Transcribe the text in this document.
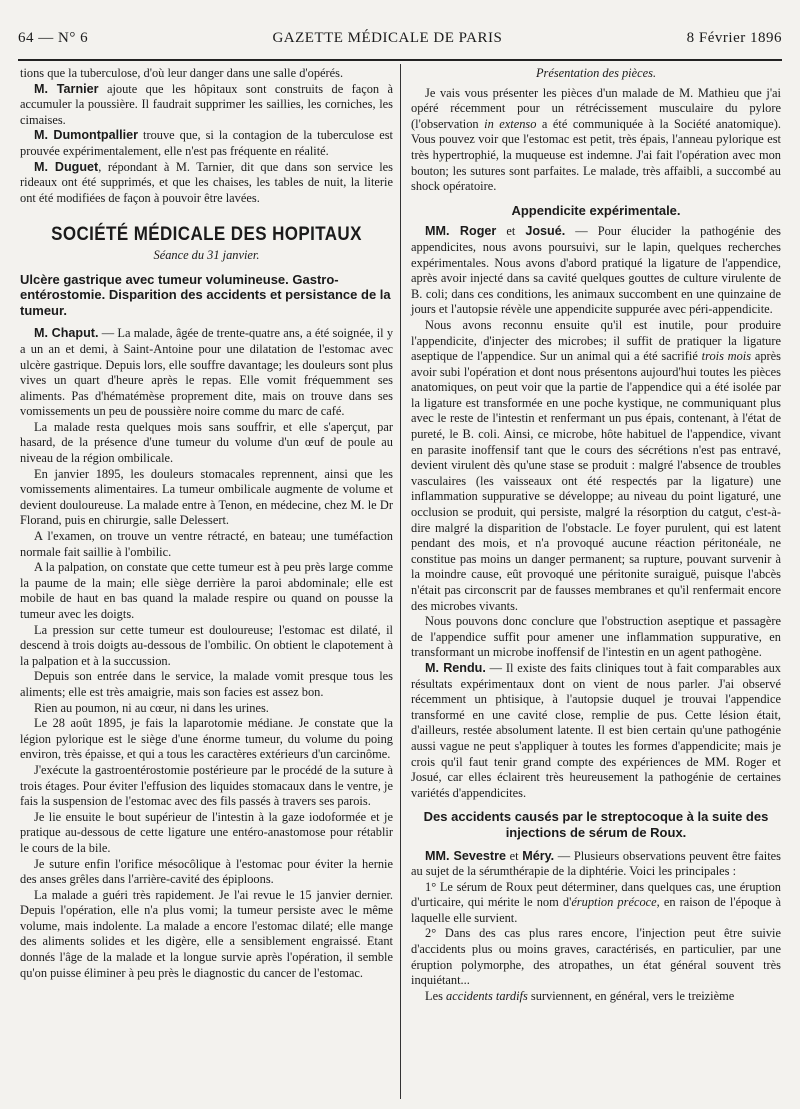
64 — N° 6	GAZETTE MÉDICALE DE PARIS	8 Février 1896

tions que la tuberculose, d'où leur danger dans une salle d'opérés.

M. Tarnier ajoute que les hôpitaux sont construits de façon à accumuler la poussière. Il faudrait supprimer les saillies, les corniches, les cimaises.

M. Dumontpallier trouve que, si la contagion de la tuberculose est prouvée expérimentalement, elle n'est pas fréquente en réalité.

M. Duguet, répondant à M. Tarnier, dit que dans son service les rideaux ont été supprimés, et que les chaises, les tables de nuit, la literie ont été modifiées de façon à pouvoir être lavées.

SOCIÉTÉ MÉDICALE DES HOPITAUX
Séance du 31 janvier.
Ulcère gastrique avec tumeur volumineuse. Gastro-entérostomie. Disparition des accidents et persistance de la tumeur.

M. Chaput. — La malade, âgée de trente-quatre ans, a été soignée, il y a un an et demi, à Saint-Antoine pour une dilatation de l'estomac avec ulcère gastrique. Depuis lors, elle souffre davantage; les douleurs sont plus vives un quart d'heure après le repas. Elle vomit fréquemment ses aliments. Pas d'hématémèse proprement dite, mais on trouve dans ses vomissements un peu de poussière noire comme du marc de café.

La malade resta quelques mois sans souffrir, et elle s'aperçut, par hasard, de la présence d'une tumeur du volume d'un œuf de poule au niveau de la région ombilicale.

En janvier 1895, les douleurs stomacales reprennent, ainsi que les vomissements alimentaires. La tumeur ombilicale augmente de volume et devient douloureuse. La malade entre à Tenon, en médecine, chez M. le Dr Florand, puis en chirurgie, salle Delessert.

A l'examen, on trouve un ventre rétracté, en bateau; une tuméfaction normale fait saillie à l'ombilic.

A la palpation, on constate que cette tumeur est à peu près large comme la paume de la main; elle siège derrière la paroi abdominale; elle est mobile de haut en bas quand la malade respire ou quand on pousse la tumeur avec les doigts.

La pression sur cette tumeur est douloureuse; l'estomac est dilaté, il descend à trois doigts au-dessous de l'ombilic. On obtient le clapotement à la palpation et à la succussion.

Depuis son entrée dans le service, la malade vomit presque tous les aliments; elle est très amaigrie, mais son facies est assez bon.

Rien au poumon, ni au cœur, ni dans les urines.

Le 28 août 1895, je fais la laparotomie médiane. Je constate que la légion pylorique est le siège d'une énorme tumeur, du volume du poing environ, très épaisse, et qui a tous les caractères extérieurs d'un carcinôme.

J'exécute la gastroentérostomie postérieure par le procédé de la suture à trois étages. Pour éviter l'effusion des liquides stomacaux dans le ventre, je fais la suspension de l'estomac avec des fils passés à travers ses parois.

Je lie ensuite le bout supérieur de l'intestin à la gaze iodoformée et je pratique au-dessous de cette ligature une entéro-anastomose pour rétablir le cours de la bile.

Je suture enfin l'orifice mésocôlique à l'estomac pour éviter la hernie des anses grêles dans l'arrière-cavité des épiploons.

La malade a guéri très rapidement. Je l'ai revue le 15 janvier dernier. Depuis l'opération, elle n'a plus vomi; la tumeur persiste avec le même volume, mais indolente. La malade a encore l'estomac dilaté; elle mange des aliments solides et les digère, elle a sensiblement engraissé. Etant donnés l'âge de la malade et la longue survie après l'opération, il semble qu'on puisse éliminer à peu près le diagnostic du cancer de l'estomac.

Présentation des pièces.

Je vais vous présenter les pièces d'un malade de M. Mathieu que j'ai opéré récemment pour un rétrécissement musculaire du pylore (l'observation in extenso a été communiquée à la Société anatomique). Vous pouvez voir que l'estomac est petit, très épais, l'anneau pylorique est très hypertrophié, la muqueuse est indemne. J'ai fait l'opération avec mon bouton; les sutures sont parfaites. Le malade, très affaibli, a succombé au shock opératoire.

Appendicite expérimentale.

MM. Roger et Josué. — Pour élucider la pathogénie des appendicites, nous avons poursuivi, sur le lapin, quelques recherches expérimentales. Nous avons d'abord pratiqué la ligature de l'appendice, après avoir injecté dans sa cavité quelques gouttes de culture virulente de B. coli; dans ces conditions, les animaux succombent en une quinzaine de jours et l'autopsie révèle une appendicite suppurée avec péri-appendicite.

Nous avons reconnu ensuite qu'il est inutile, pour produire l'appendicite, d'injecter des microbes; il suffit de pratiquer la ligature aseptique de l'appendice. Sur un animal qui a été sacrifié trois mois après avoir subi l'opération et dont nous présentons aujourd'hui toutes les pièces anatomiques, on peut voir que la partie de l'appendice qui a été isolée par la ligature est transformée en une poche kystique, ne communiquant plus avec le reste de l'intestin et renfermant un pus épais, contenant, à l'état de pureté, le B. coli. Ainsi, ce microbe, hôte habituel de l'appendice, vivant en parasite inoffensif tant que le cours des sécrétions n'est pas entravé, devient virulent dès qu'une stase se produit : malgré l'absence de troubles vasculaires (les vaisseaux ont été respectés par la ligature) une inflammation suppurative se développe; au niveau du point ligaturé, une occlusion se produit, qui persiste, malgré la résorption du catgut, c'est-à-dire malgré la disparition de l'obstacle. Le foyer purulent, qui est latent pendant des mois, et n'a provoqué aucune réaction péritonéale, ne constitue pas moins un danger permanent; sa rupture, pouvant survenir à la moindre cause, eût provoqué une péritonite suraiguë, puisque l'abcès n'était pas circonscrit par de fausses membranes et qu'il renfermait encore des microbes vivants.

Nous pouvons donc conclure que l'obstruction aseptique et passagère de l'appendice suffit pour amener une inflammation suppurative, en transformant un microbe inoffensif de l'intestin en un agent pathogène.

M. Rendu. — Il existe des faits cliniques tout à fait comparables aux résultats expérimentaux dont on vient de nous parler. J'ai observé récemment un phtisique, à l'autopsie duquel je trouvai l'appendice transformé en une cavité close, remplie de pus. Cette lésion était, d'ailleurs, restée absolument latente. Il est bien certain qu'une pathogénie aussi vague ne peut s'appliquer à toutes les formes d'appendicite; mais je crois qu'il faut tenir grand compte des expériences de MM. Roger et Josué, car elles éclairent très heureusement la pathogénie de certaines variétés d'appendicites.

Des accidents causés par le streptocoque à la suite des injections de sérum de Roux.

MM. Sevestre et Méry. — Plusieurs observations peuvent être faites au sujet de la sérumthérapie de la diphtérie. Voici les principales :

1° Le sérum de Roux peut déterminer, dans quelques cas, une éruption d'urticaire, qui mérite le nom d'éruption précoce, en raison de l'époque à laquelle elle survient.

2° Dans des cas plus rares encore, l'injection peut être suivie d'accidents plus ou moins graves, caractérisés, en particulier, par une éruption polymorphe, des atropathes, un état général souvent très inquiétant...

Les accidents tardifs surviennent, en général, vers le treizième
